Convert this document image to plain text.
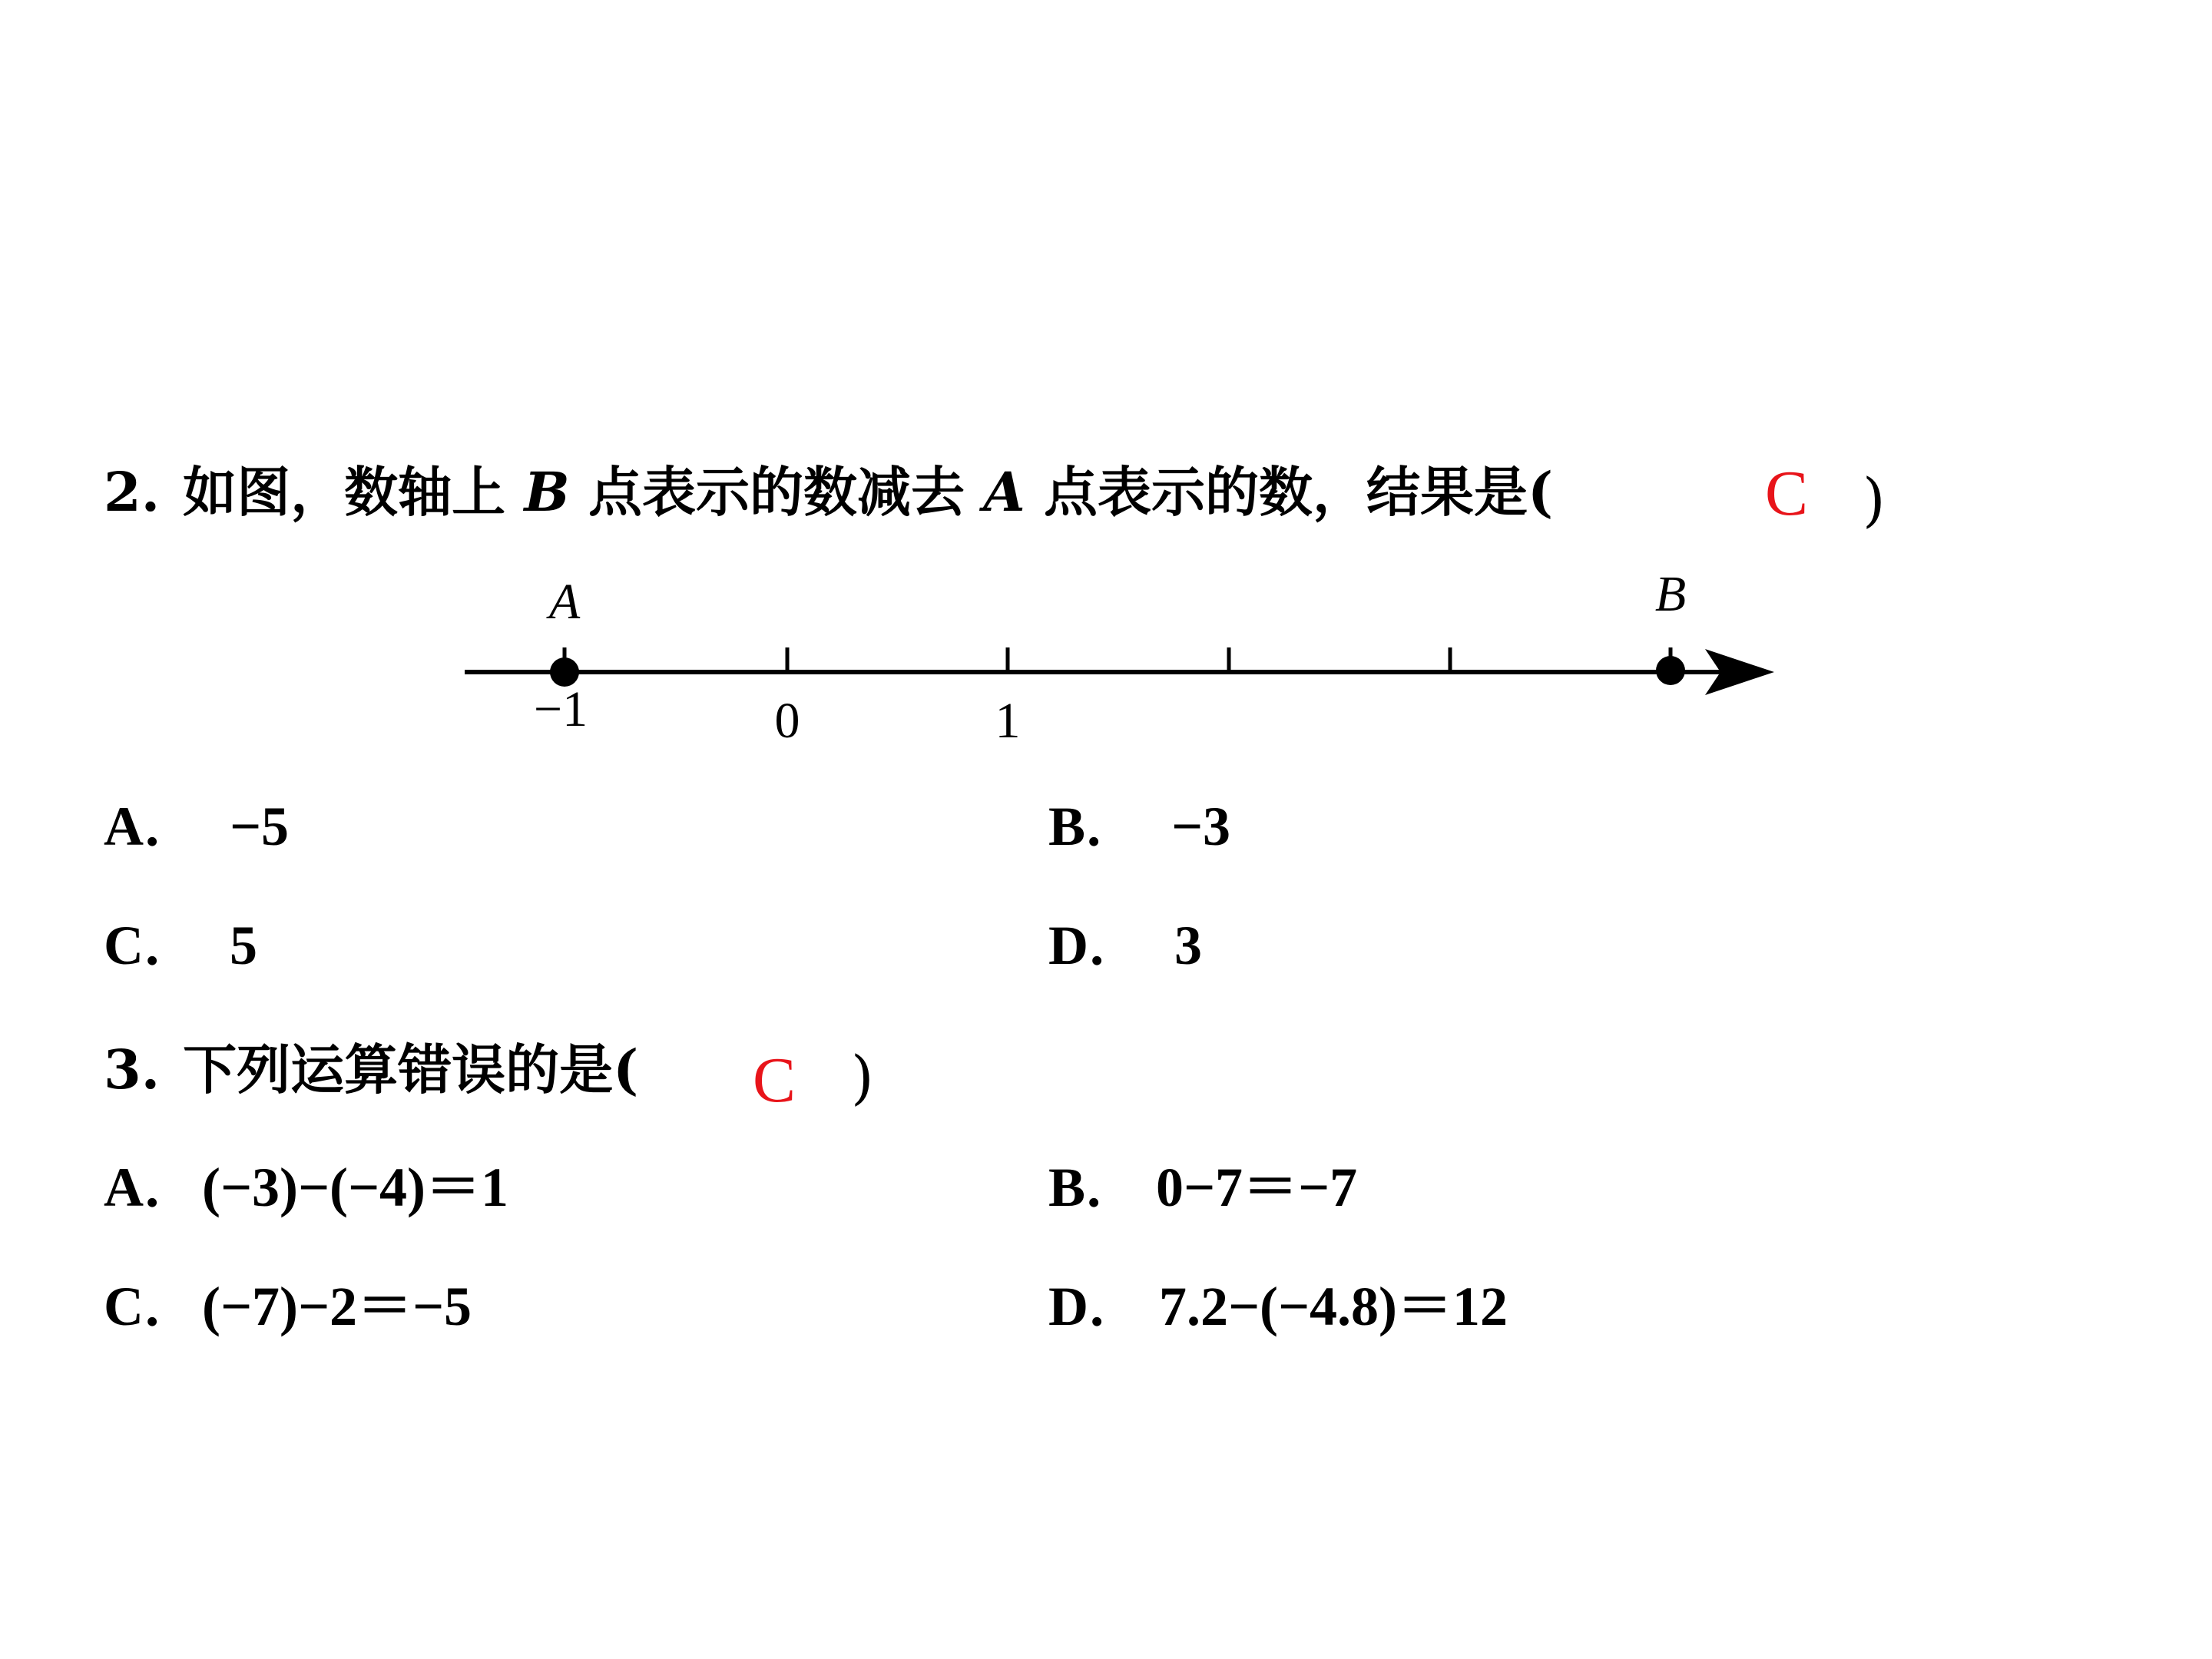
2. 如图，数轴上 B 点表示的数减去 A 点表示的数，结果是(	C )
A	B
−1	0	1
A． −5	B． −3
C． 5	D． 3
3. 下列运算错误的是( C )
A．(−3)−(−4)＝1	B． 0−7＝−7
C．(−7)−2＝−5	D． 7.2−(−4.8)＝12
